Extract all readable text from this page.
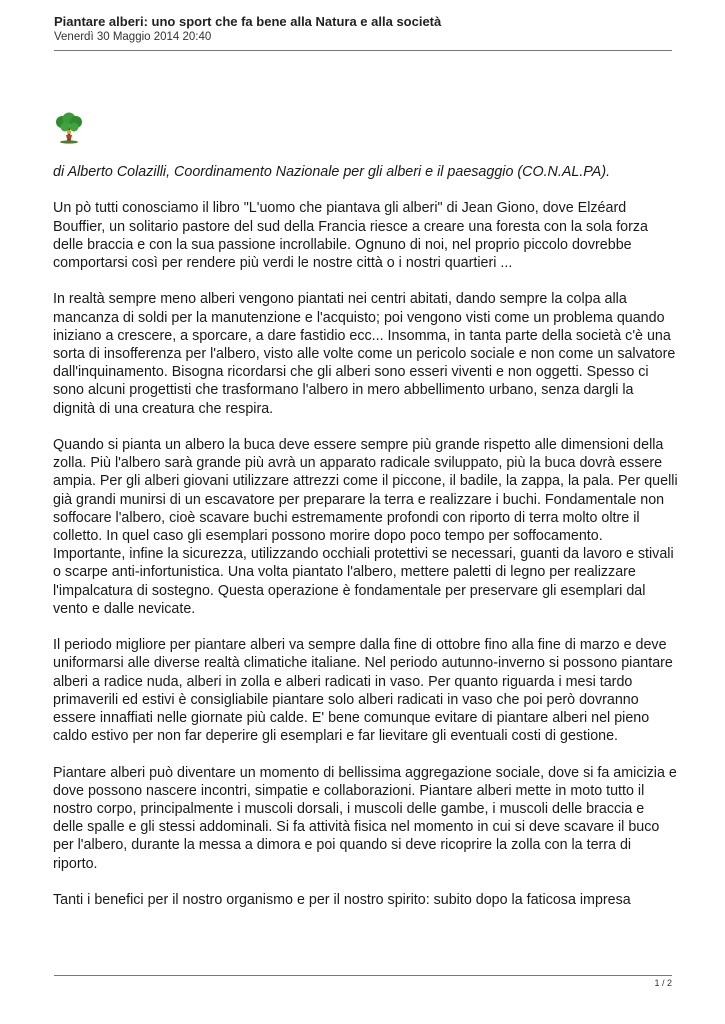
Piantare alberi: uno sport che fa bene alla Natura e alla società
Venerdì 30 Maggio 2014 20:40

di Alberto Colazilli, Coordinamento Nazionale per gli alberi e il paesaggio (CO.N.AL.PA).

Un pò tutti conosciamo il libro "L'uomo che piantava gli alberi" di Jean Giono, dove Elzéard Bouffier, un solitario pastore del sud della Francia riesce a creare una foresta con la sola forza delle braccia e con la sua passione incrollabile. Ognuno di noi, nel proprio piccolo dovrebbe comportarsi così per rendere più verdi le nostre città o i nostri quartieri ...

In realtà sempre meno alberi vengono piantati nei centri abitati, dando sempre la colpa alla mancanza di soldi per la manutenzione e l'acquisto; poi vengono visti come un problema quando iniziano a crescere, a sporcare, a dare fastidio ecc... Insomma, in tanta parte della società c'è una sorta di insofferenza per l'albero, visto alle volte come un pericolo sociale e non come un salvatore dall'inquinamento. Bisogna ricordarsi che gli alberi sono esseri viventi e non oggetti. Spesso ci sono alcuni progettisti che trasformano l'albero in mero abbellimento urbano, senza dargli la dignità di una creatura che respira.

Quando si pianta un albero la buca deve essere sempre più grande rispetto alle dimensioni della zolla. Più l'albero sarà grande più avrà un apparato radicale sviluppato, più la buca dovrà essere ampia. Per gli alberi giovani utilizzare attrezzi come il piccone, il badile, la zappa, la pala. Per quelli già grandi munirsi di un escavatore per preparare la terra e realizzare i buchi. Fondamentale non soffocare l'albero, cioè scavare buchi estremamente profondi con riporto di terra molto oltre il colletto. In quel caso gli esemplari possono morire dopo poco tempo per soffocamento. Importante, infine la sicurezza, utilizzando occhiali protettivi se necessari, guanti da lavoro e stivali o scarpe anti-infortunistica. Una volta piantato l'albero, mettere paletti di legno per realizzare l'impalcatura di sostegno. Questa operazione è fondamentale per preservare gli esemplari dal vento e dalle nevicate.

Il periodo migliore per piantare alberi va sempre dalla fine di ottobre fino alla fine di marzo e deve uniformarsi alle diverse realtà climatiche italiane. Nel periodo autunno-inverno si possono piantare alberi a radice nuda, alberi in zolla e alberi radicati in vaso. Per quanto riguarda i mesi tardo primaverili ed estivi è consigliabile piantare solo alberi radicati in vaso che poi però dovranno essere innaffiati nelle giornate più calde. E' bene comunque evitare di piantare alberi nel pieno caldo estivo per non far deperire gli esemplari e far lievitare gli eventuali costi di gestione.

Piantare alberi può diventare un momento di bellissima aggregazione sociale, dove si fa amicizia e dove possono nascere incontri, simpatie e collaborazioni. Piantare alberi mette in moto tutto il nostro corpo, principalmente i muscoli dorsali, i muscoli delle gambe, i muscoli delle braccia e delle spalle e gli stessi addominali. Si fa attività fisica nel momento in cui si deve scavare il buco per l'albero, durante la messa a dimora e poi quando si deve ricoprire la zolla con la terra di riporto.

Tanti i benefici per il nostro organismo e per il nostro spirito: subito dopo la faticosa impresa

1 / 2
